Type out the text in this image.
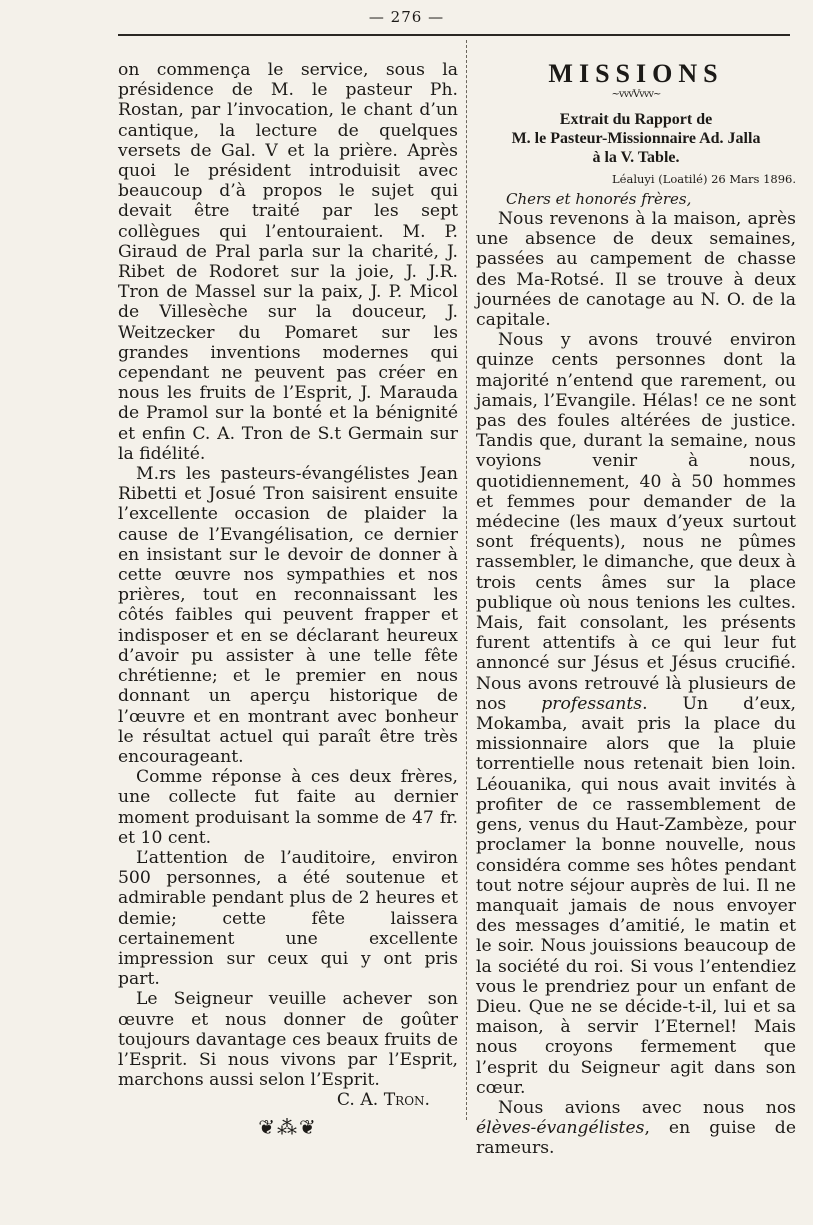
— 276 —

on commença le service, sous la présidence de M. le pasteur Ph. Rostan, par l’invocation, le chant d’un cantique, la lecture de quelques versets de Gal. V et la prière. Après quoi le président introduisit avec beaucoup d’à propos le sujet qui devait être traité par les sept collègues qui l’entouraient. M. P. Giraud de Pral parla sur la charité, J. Ribet de Rodoret sur la joie, J. J.R. Tron de Massel sur la paix, J. P. Micol de Villesèche sur la douceur, J. Weitzecker du Pomaret sur les grandes inventions modernes qui cependant ne peuvent pas créer en nous les fruits de l’Esprit, J. Marauda de Pramol sur la bonté et la bénignité et enfin C. A. Tron de S.t Germain sur la fidélité.

M.rs les pasteurs-évangélistes Jean Ribetti et Josué Tron saisirent ensuite l’excellente occasion de plaider la cause de l’Evangélisation, ce dernier en insistant sur le devoir de donner à cette œuvre nos sympathies et nos prières, tout en reconnaissant les côtés faibles qui peuvent frapper et indisposer et en se déclarant heureux d’avoir pu assister à une telle fête chrétienne; et le premier en nous donnant un aperçu historique de l’œuvre et en montrant avec bonheur le résultat actuel qui paraît être très encourageant.

Comme réponse à ces deux frères, une collecte fut faite au dernier moment produisant la somme de 47 fr. et 10 cent.

L’attention de l’auditoire, environ 500 personnes, a été soutenue et admirable pendant plus de 2 heures et demie; cette fête laissera certainement une excellente impression sur ceux qui y ont pris part.

Le Seigneur veuille achever son œuvre et nous donner de goûter toujours davantage ces beaux fruits de l’Esprit. Si nous vivons par l’Esprit, marchons aussi selon l’Esprit.

C. A. Tron.

❦⁂❦
MISSIONS
~vvvVvvv~
Extrait du Rapport de
M. le Pasteur-Missionnaire Ad. Jalla
à la V. Table.
Léaluyi (Loatilé) 26 Mars 1896.
Chers et honorés frères,

Nous revenons à la maison, après une absence de deux semaines, passées au campement de chasse des Ma-Rotsé. Il se trouve à deux journées de canotage au N. O. de la capitale.

Nous y avons trouvé environ quinze cents personnes dont la majorité n’entend que rarement, ou jamais, l’Evangile. Hélas! ce ne sont pas des foules altérées de justice. Tandis que, durant la semaine, nous voyions venir à nous, quotidiennement, 40 à 50 hommes et femmes pour demander de la médecine (les maux d’yeux surtout sont fréquents), nous ne pûmes rassembler, le dimanche, que deux à trois cents âmes sur la place publique où nous tenions les cultes. Mais, fait consolant, les présents furent attentifs à ce qui leur fut annoncé sur Jésus et Jésus crucifié. Nous avons retrouvé là plusieurs de nos professants. Un d’eux, Mokamba, avait pris la place du missionnaire alors que la pluie torrentielle nous retenait bien loin. Léouanika, qui nous avait invités à profiter de ce rassemblement de gens, venus du Haut-Zambèze, pour proclamer la bonne nouvelle, nous considéra comme ses hôtes pendant tout notre séjour auprès de lui. Il ne manquait jamais de nous envoyer des messages d’amitié, le matin et le soir. Nous jouissions beaucoup de la société du roi. Si vous l’entendiez vous le prendriez pour un enfant de Dieu. Que ne se décide-t-il, lui et sa maison, à servir l’Eternel! Mais nous croyons fermement que l’esprit du Seigneur agit dans son cœur.

Nous avions avec nous nos élèves-évangélistes, en guise de rameurs.
